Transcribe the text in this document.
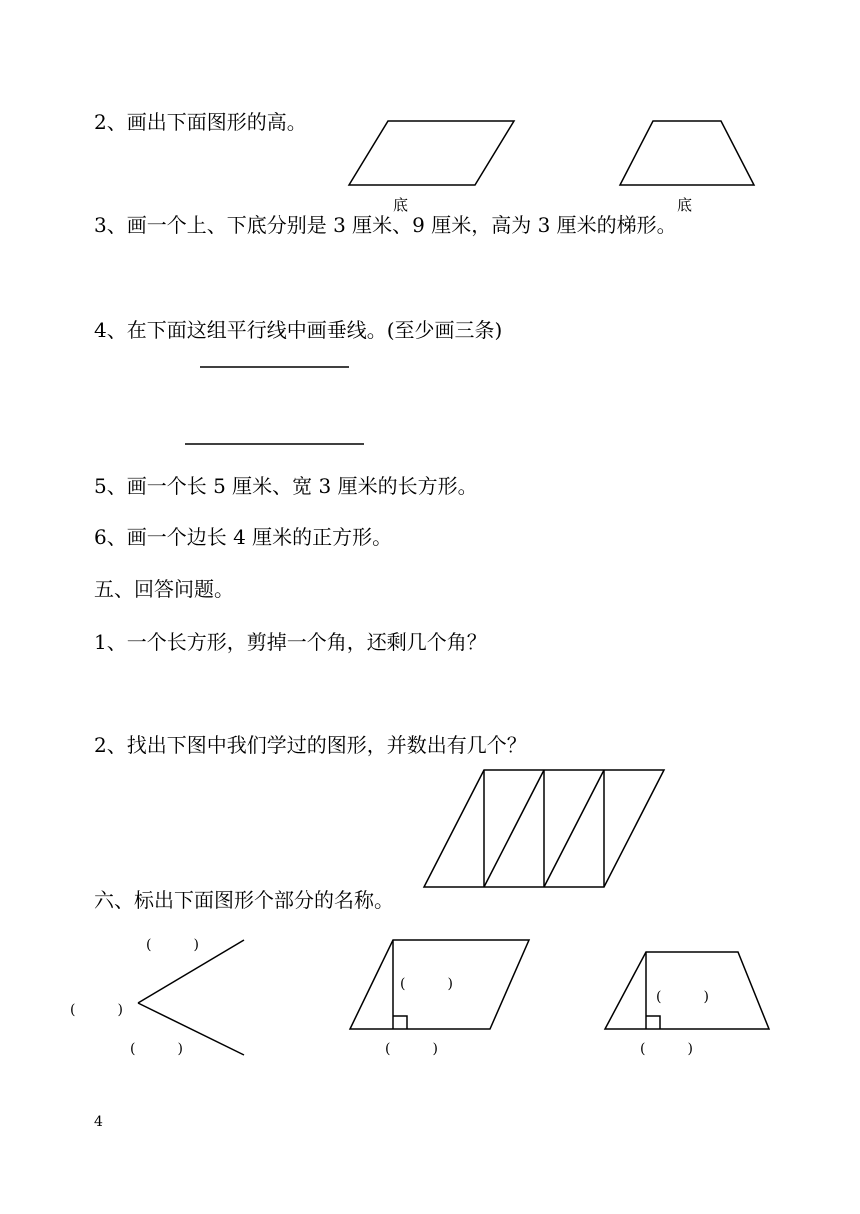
2、画出下面图形的高。
3、画一个上、下底分别是 3 厘米、9 厘米，高为 3 厘米的梯形。
4、在下面这组平行线中画垂线。(至少画三条)
5、画一个长 5 厘米、宽 3 厘米的长方形。
6、画一个边长 4 厘米的正方形。
五、回答问题。
1、一个长方形，剪掉一个角，还剩几个角？
2、找出下图中我们学过的图形，并数出有几个？
六、标出下面图形个部分的名称。
底	底
(　　　)
(　　　)
(　　　)
(　　　)
(　　　)
(　　　)
(　　　)
4
